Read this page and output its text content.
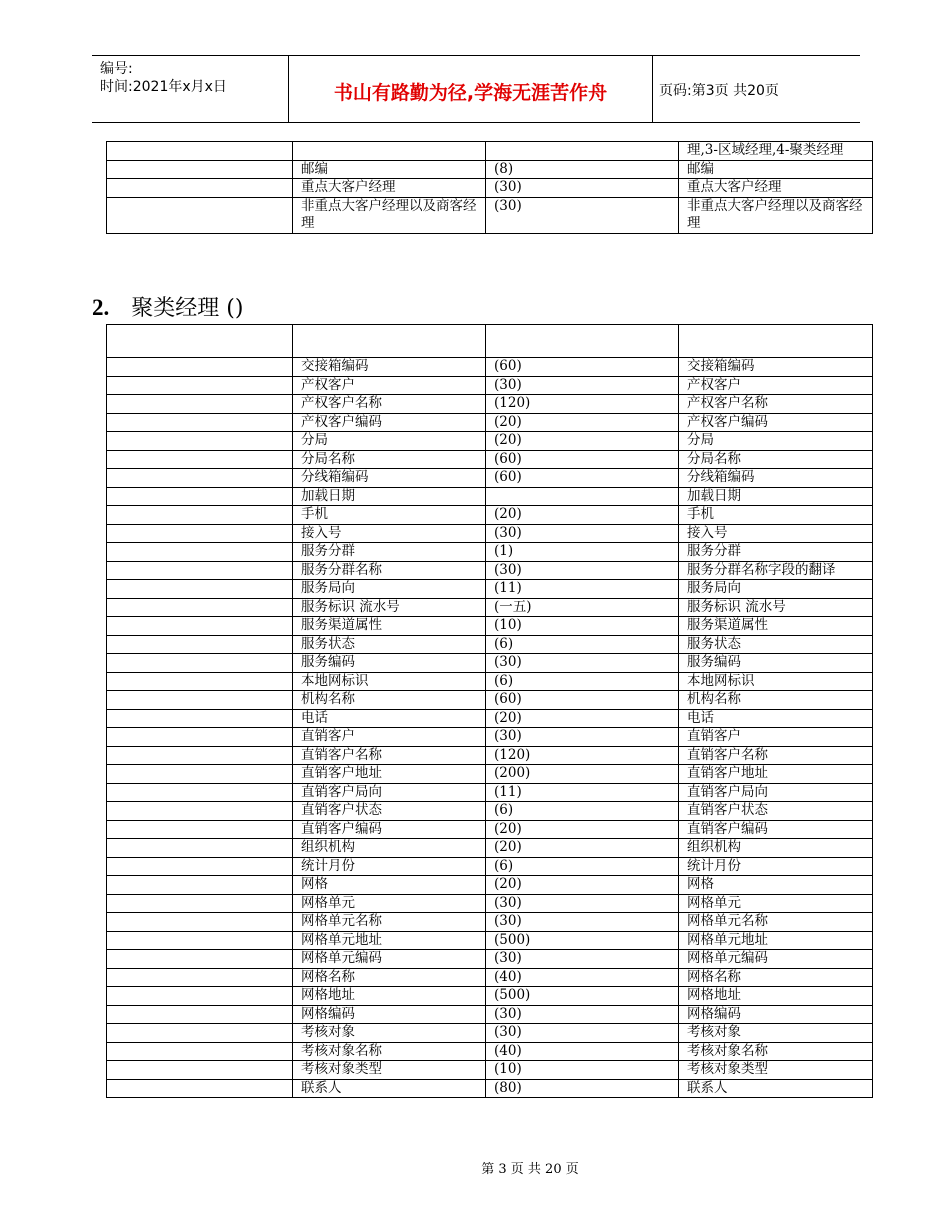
编号:
时间:2021年x月x日	书山有路勤为径,学海无涯苦作舟	页码:第3页 共20页
			理,3-区域经理,4-聚类经理
	邮编	(8)	邮编
	重点大客户经理	(30)	重点大客户经理
	非重点大客户经理以及商客经理	(30)	非重点大客户经理以及商客经理
2. 聚类经理 ()

	交接箱编码	(60)	交接箱编码
	产权客户	(30)	产权客户
	产权客户名称	(120)	产权客户名称
	产权客户编码	(20)	产权客户编码
	分局	(20)	分局
	分局名称	(60)	分局名称
	分线箱编码	(60)	分线箱编码
	加载日期		加载日期
	手机	(20)	手机
	接入号	(30)	接入号
	服务分群	(1)	服务分群
	服务分群名称	(30)	服务分群名称字段的翻译
	服务局向	(11)	服务局向
	服务标识 流水号	(一五)	服务标识 流水号
	服务渠道属性	(10)	服务渠道属性
	服务状态	(6)	服务状态
	服务编码	(30)	服务编码
	本地网标识	(6)	本地网标识
	机构名称	(60)	机构名称
	电话	(20)	电话
	直销客户	(30)	直销客户
	直销客户名称	(120)	直销客户名称
	直销客户地址	(200)	直销客户地址
	直销客户局向	(11)	直销客户局向
	直销客户状态	(6)	直销客户状态
	直销客户编码	(20)	直销客户编码
	组织机构	(20)	组织机构
	统计月份	(6)	统计月份
	网格	(20)	网格
	网格单元	(30)	网格单元
	网格单元名称	(30)	网格单元名称
	网格单元地址	(500)	网格单元地址
	网格单元编码	(30)	网格单元编码
	网格名称	(40)	网格名称
	网格地址	(500)	网格地址
	网格编码	(30)	网格编码
	考核对象	(30)	考核对象
	考核对象名称	(40)	考核对象名称
	考核对象类型	(10)	考核对象类型
	联系人	(80)	联系人
第 3 页 共 20 页
